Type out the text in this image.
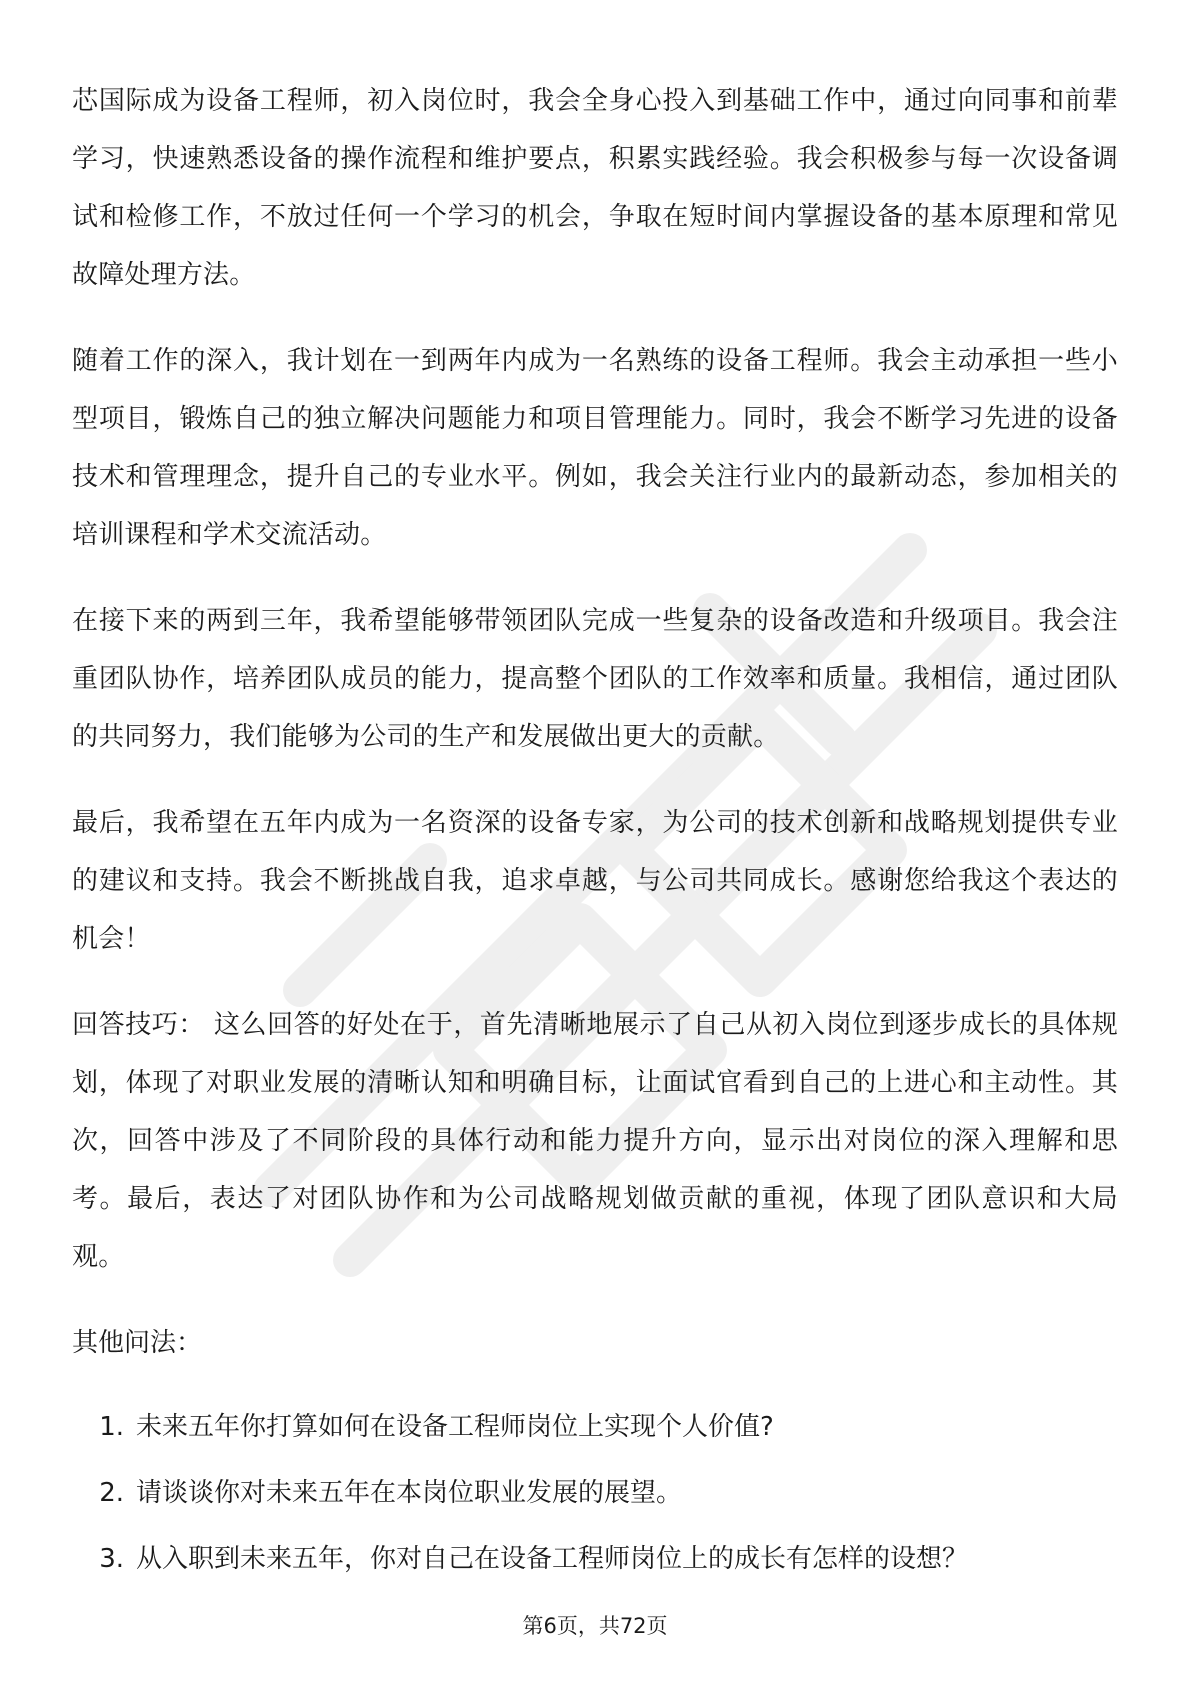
芯国际成为设备工程师，初入岗位时，我会全身心投入到基础工作中，通过向同事和前辈学习，快速熟悉设备的操作流程和维护要点，积累实践经验。我会积极参与每一次设备调试和检修工作，不放过任何一个学习的机会，争取在短时间内掌握设备的基本原理和常见故障处理方法。

随着工作的深入，我计划在一到两年内成为一名熟练的设备工程师。我会主动承担一些小型项目，锻炼自己的独立解决问题能力和项目管理能力。同时，我会不断学习先进的设备技术和管理理念，提升自己的专业水平。例如，我会关注行业内的最新动态，参加相关的培训课程和学术交流活动。

在接下来的两到三年，我希望能够带领团队完成一些复杂的设备改造和升级项目。我会注重团队协作，培养团队成员的能力，提高整个团队的工作效率和质量。我相信，通过团队的共同努力，我们能够为公司的生产和发展做出更大的贡献。

最后，我希望在五年内成为一名资深的设备专家，为公司的技术创新和战略规划提供专业的建议和支持。我会不断挑战自我，追求卓越，与公司共同成长。感谢您给我这个表达的机会！

回答技巧： 这么回答的好处在于，首先清晰地展示了自己从初入岗位到逐步成长的具体规划，体现了对职业发展的清晰认知和明确目标，让面试官看到自己的上进心和主动性。其次，回答中涉及了不同阶段的具体行动和能力提升方向，显示出对岗位的深入理解和思考。最后，表达了对团队协作和为公司战略规划做贡献的重视，体现了团队意识和大局观。

其他问法：
1. 未来五年你打算如何在设备工程师岗位上实现个人价值?
2. 请谈谈你对未来五年在本岗位职业发展的展望。
3. 从入职到未来五年，你对自己在设备工程师岗位上的成长有怎样的设想？
第6页，共72页
